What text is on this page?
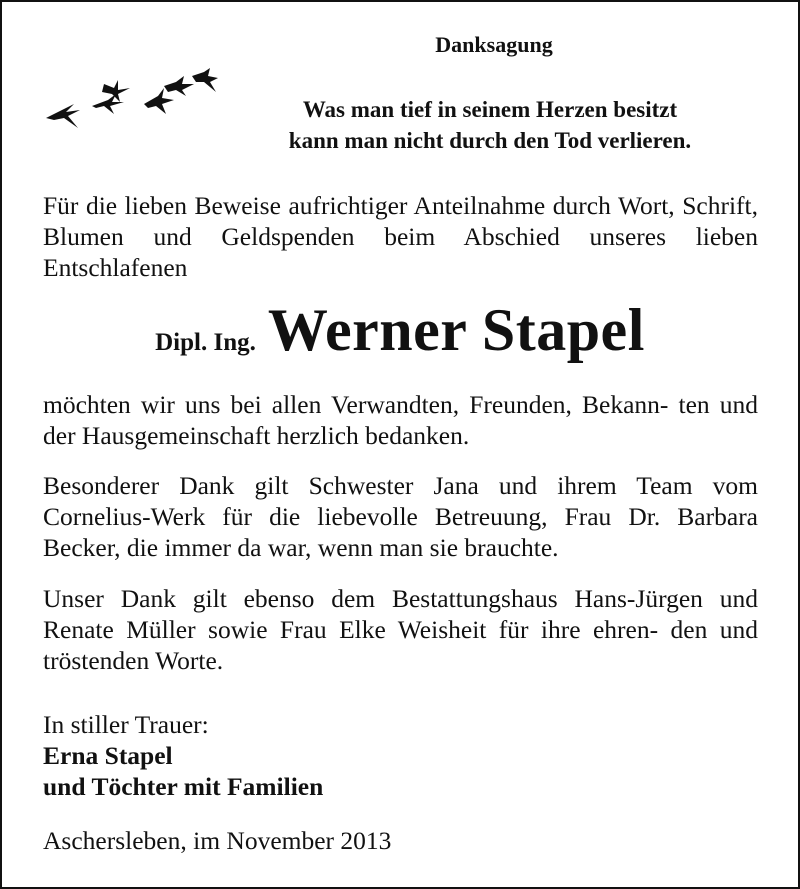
Danksagung
Was man tief in seinem Herzen besitzt
kann man nicht durch den Tod verlieren.
Für die lieben Beweise aufrichtiger Anteilnahme durch Wort, Schrift, Blumen und Geldspenden beim Abschied unseres lieben Entschlafenen
Dipl. Ing. Werner Stapel
möchten wir uns bei allen Verwandten, Freunden, Bekann- ten und der Hausgemeinschaft herzlich bedanken.
Besonderer Dank gilt Schwester Jana und ihrem Team vom Cornelius-Werk für die liebevolle Betreuung, Frau Dr. Barbara Becker, die immer da war, wenn man sie brauchte.
Unser Dank gilt ebenso dem Bestattungshaus Hans-Jürgen und Renate Müller sowie Frau Elke Weisheit für ihre ehren- den und tröstenden Worte.
In stiller Trauer:
Erna Stapel
und Töchter mit Familien
Aschersleben, im November 2013
